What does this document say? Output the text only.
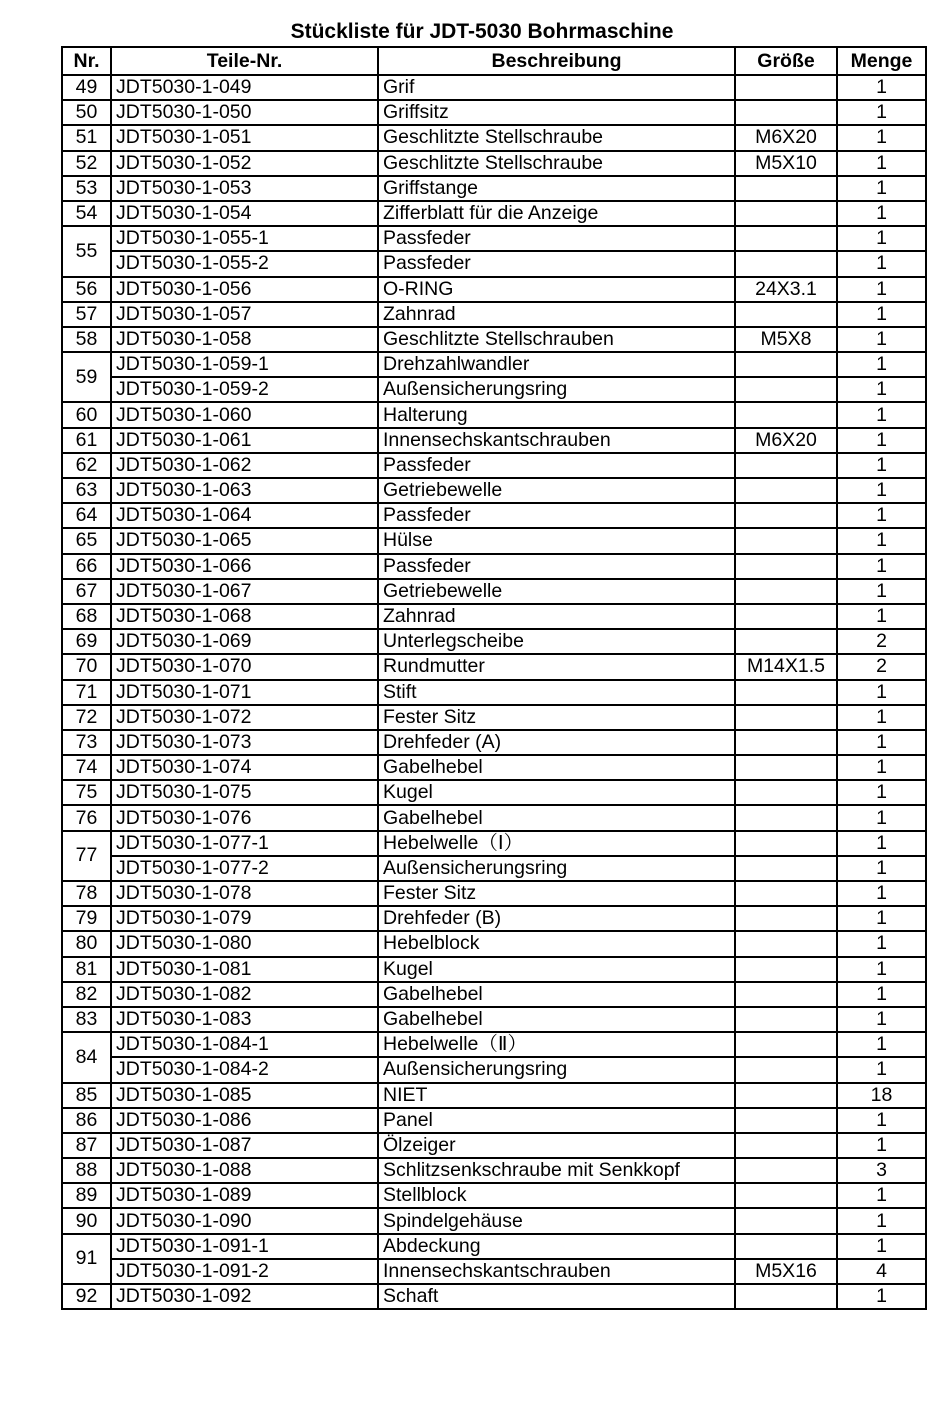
Stückliste für JDT-5030 Bohrmaschine
Nr.	Teile-Nr.	Beschreibung	Größe	Menge
49	JDT5030-1-049	Grif		1
50	JDT5030-1-050	Griffsitz		1
51	JDT5030-1-051	Geschlitzte Stellschraube	M6X20	1
52	JDT5030-1-052	Geschlitzte Stellschraube	M5X10	1
53	JDT5030-1-053	Griffstange		1
54	JDT5030-1-054	Zifferblatt für die Anzeige		1
55	JDT5030-1-055-1	Passfeder		1
	JDT5030-1-055-2	Passfeder		1
56	JDT5030-1-056	O-RING	24X3.1	1
57	JDT5030-1-057	Zahnrad		1
58	JDT5030-1-058	Geschlitzte Stellschrauben	M5X8	1
59	JDT5030-1-059-1	Drehzahlwandler		1
	JDT5030-1-059-2	Außensicherungsring		1
60	JDT5030-1-060	Halterung		1
61	JDT5030-1-061	Innensechskantschrauben	M6X20	1
62	JDT5030-1-062	Passfeder		1
63	JDT5030-1-063	Getriebewelle		1
64	JDT5030-1-064	Passfeder		1
65	JDT5030-1-065	Hülse		1
66	JDT5030-1-066	Passfeder		1
67	JDT5030-1-067	Getriebewelle		1
68	JDT5030-1-068	Zahnrad		1
69	JDT5030-1-069	Unterlegscheibe		2
70	JDT5030-1-070	Rundmutter	M14X1.5	2
71	JDT5030-1-071	Stift		1
72	JDT5030-1-072	Fester Sitz		1
73	JDT5030-1-073	Drehfeder (A)		1
74	JDT5030-1-074	Gabelhebel		1
75	JDT5030-1-075	Kugel		1
76	JDT5030-1-076	Gabelhebel		1
77	JDT5030-1-077-1	Hebelwelle（Ⅰ）		1
	JDT5030-1-077-2	Außensicherungsring		1
78	JDT5030-1-078	Fester Sitz		1
79	JDT5030-1-079	Drehfeder (B)		1
80	JDT5030-1-080	Hebelblock		1
81	JDT5030-1-081	Kugel		1
82	JDT5030-1-082	Gabelhebel		1
83	JDT5030-1-083	Gabelhebel		1
84	JDT5030-1-084-1	Hebelwelle（Ⅱ）		1
	JDT5030-1-084-2	Außensicherungsring		1
85	JDT5030-1-085	NIET		18
86	JDT5030-1-086	Panel		1
87	JDT5030-1-087	Ölzeiger		1
88	JDT5030-1-088	Schlitzsenkschraube mit Senkkopf		3
89	JDT5030-1-089	Stellblock		1
90	JDT5030-1-090	Spindelgehäuse		1
91	JDT5030-1-091-1	Abdeckung		1
	JDT5030-1-091-2	Innensechskantschrauben	M5X16	4
92	JDT5030-1-092	Schaft		1
